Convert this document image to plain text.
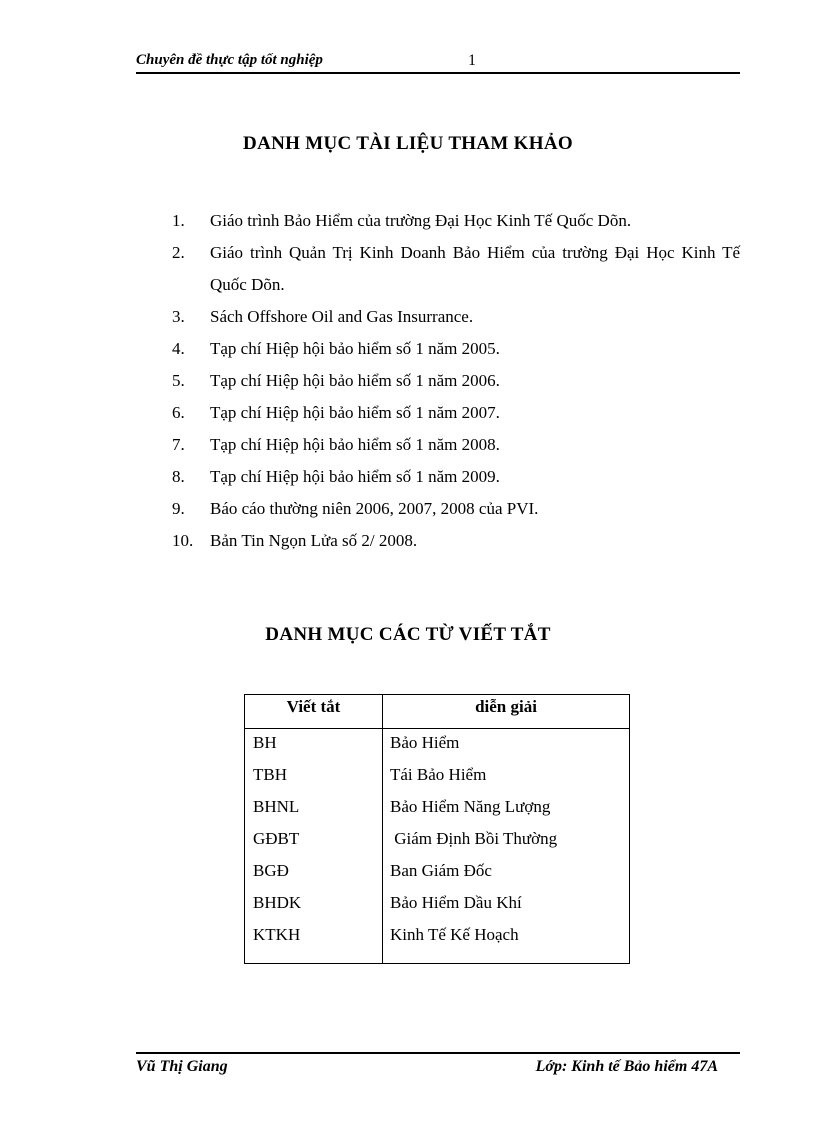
Chuyên đề thực tập tốt nghiệp	1
DANH MỤC TÀI LIỆU THAM KHẢO
1.	Giáo trình Bảo Hiểm của trường Đại Học Kinh Tế Quốc Dõn.
2.	Giáo trình Quản Trị Kinh Doanh Bảo Hiểm của trường Đại Học Kinh Tế Quốc Dõn.
3.	Sách Offshore Oil and Gas Insurrance.
4.	Tạp chí Hiệp hội bảo hiểm số 1 năm 2005.
5.	Tạp chí Hiệp hội bảo hiểm số 1 năm 2006.
6.	Tạp chí Hiệp hội bảo hiểm số 1 năm 2007.
7.	Tạp chí Hiệp hội bảo hiểm số 1 năm 2008.
8.	Tạp chí Hiệp hội bảo hiểm số 1 năm 2009.
9.	Báo cáo thường niên 2006, 2007, 2008 của PVI.
10. Bản Tin Ngọn Lửa số 2/ 2008.
DANH MỤC CÁC TỪ VIẾT TẮT
Viết tắt	diễn giải
BH	Bảo Hiểm
TBH	Tái Bảo Hiểm
BHNL	Bảo Hiểm Năng Lượng
GĐBT	Giám Định Bồi Thường
BGĐ	Ban Giám Đốc
BHDK	Bảo Hiểm Dầu Khí
KTKH	Kinh Tế Kế Hoạch
Vũ Thị Giang	Lớp: Kinh tế Bảo hiểm 47A
